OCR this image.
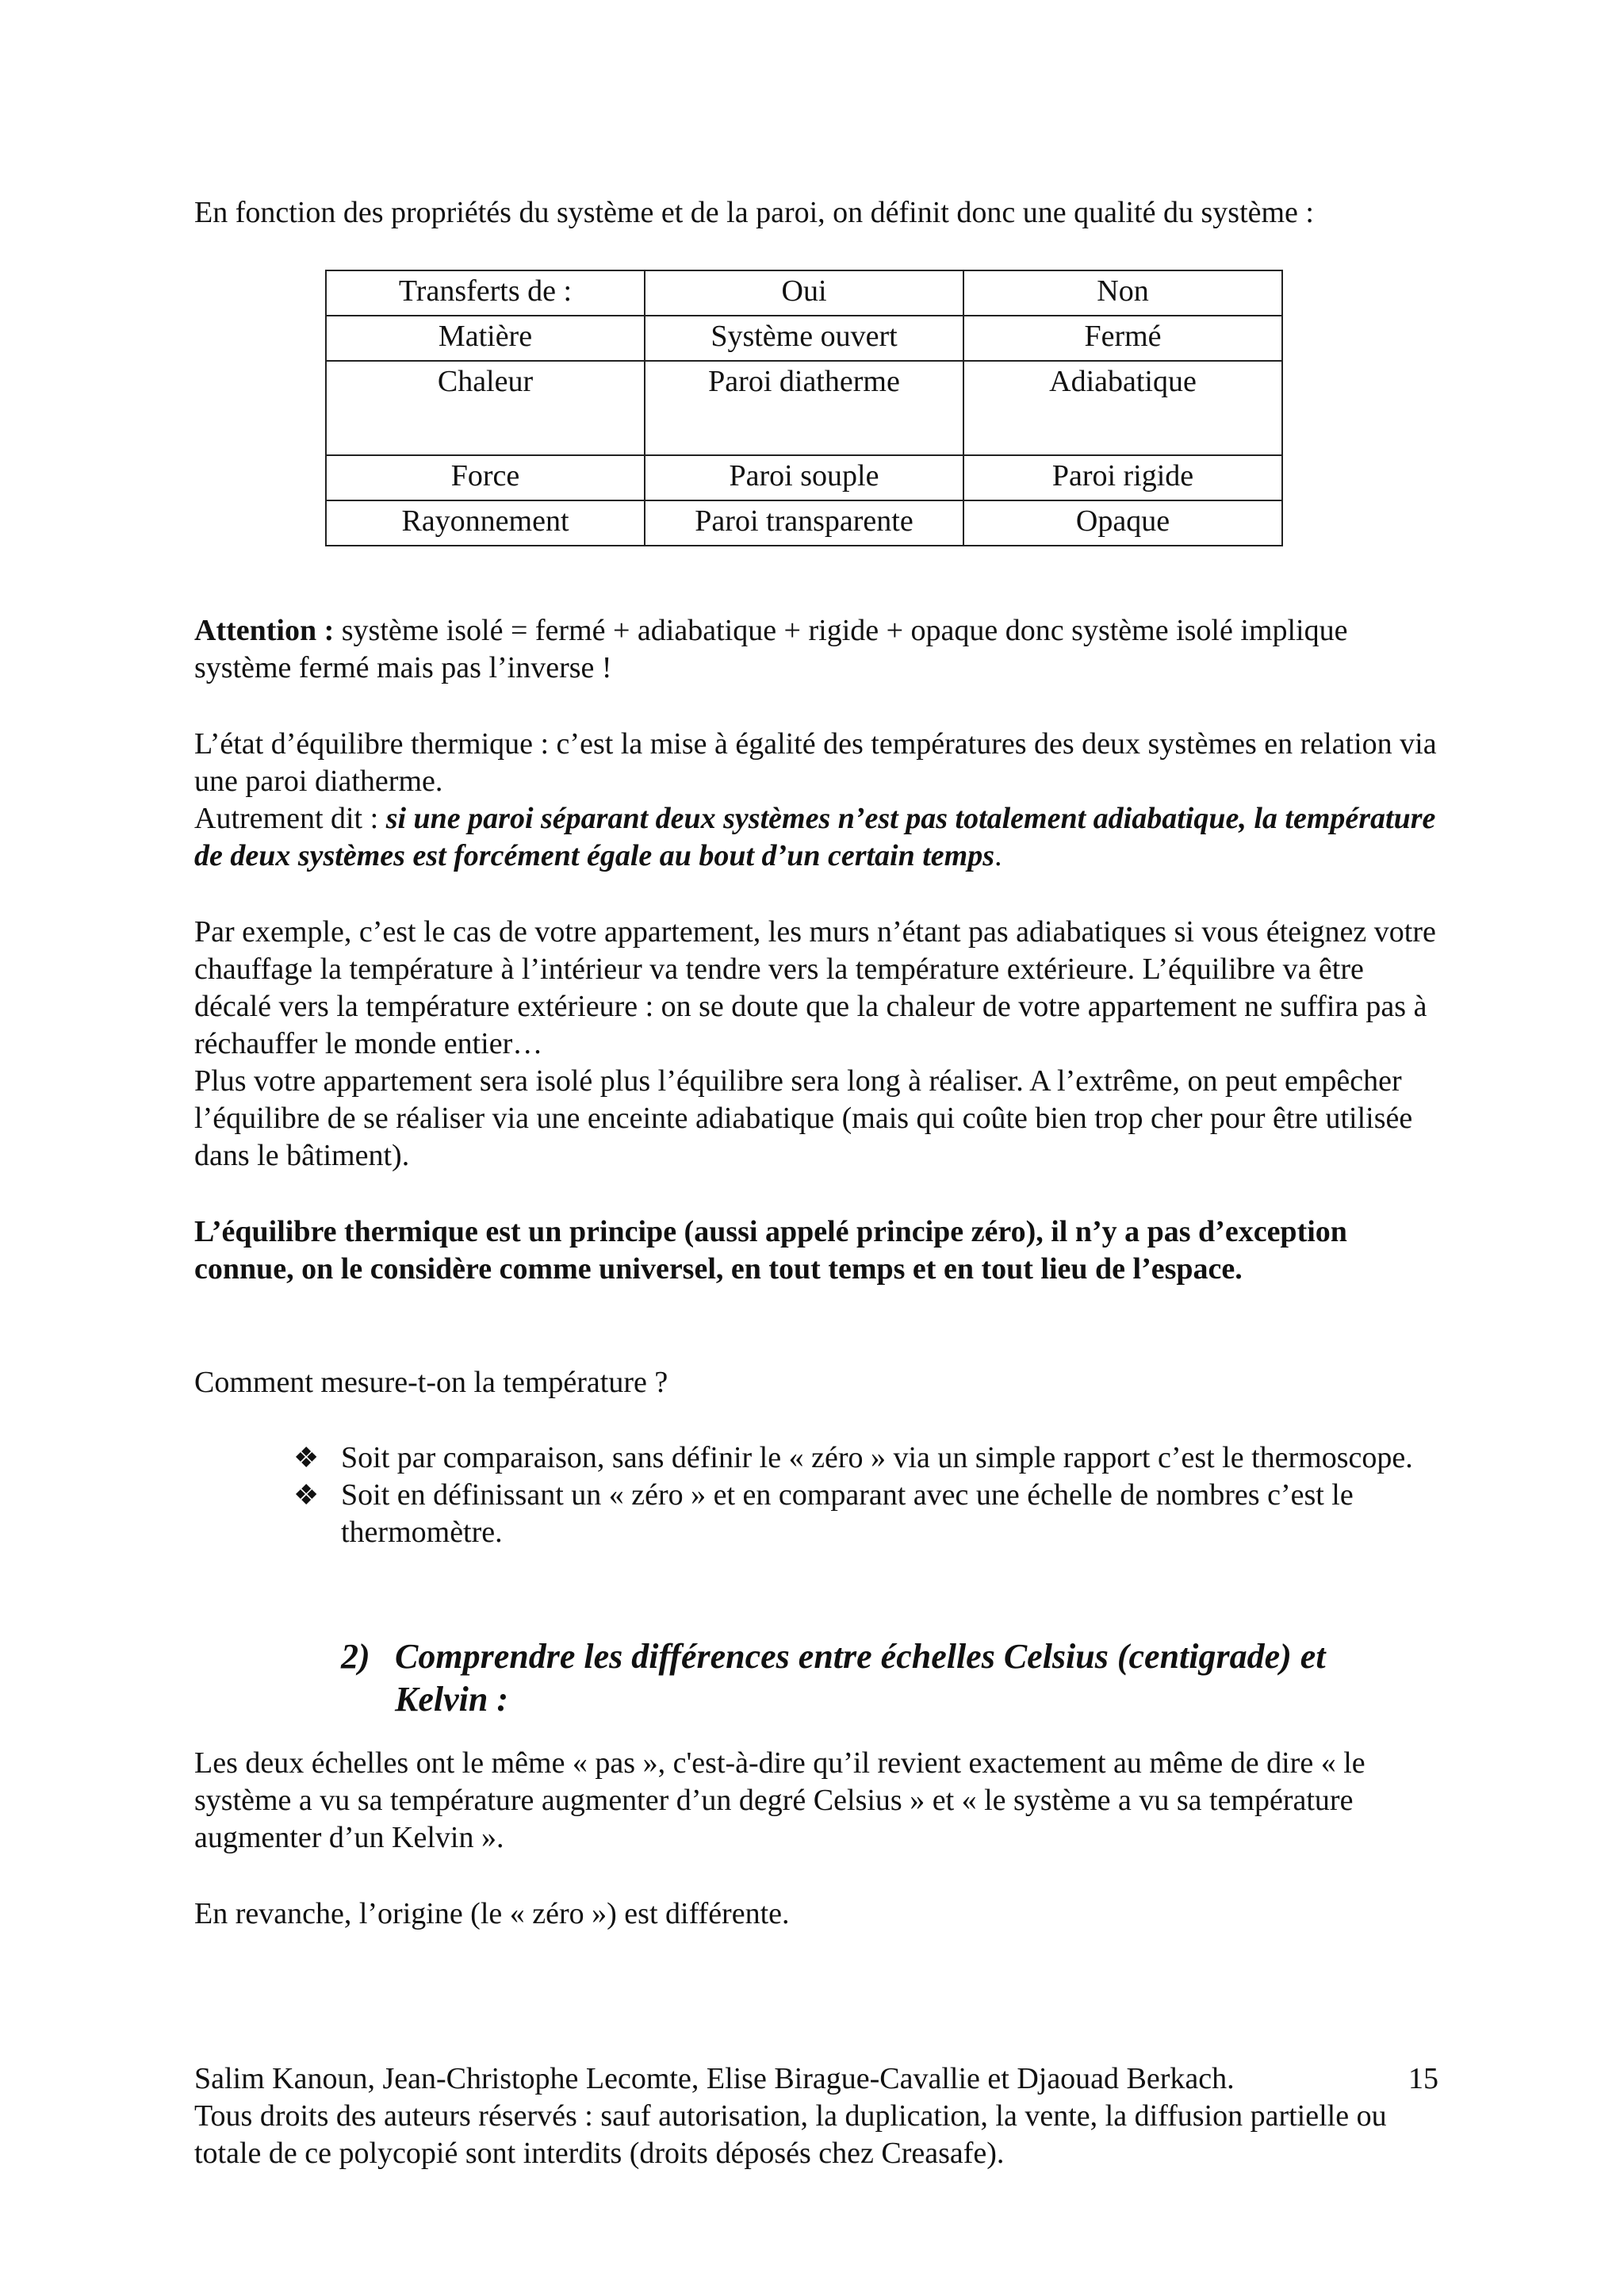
En fonction des propriétés du système et de la paroi, on définit donc une qualité du système :

Transferts de :	Oui	Non
Matière	Système ouvert	Fermé
Chaleur	Paroi diatherme	Adiabatique
Force	Paroi souple	Paroi rigide
Rayonnement	Paroi transparente	Opaque

Attention : système isolé = fermé + adiabatique + rigide + opaque donc système isolé implique système fermé mais pas l’inverse !

L’état d’équilibre thermique : c’est la mise à égalité des températures des deux systèmes en relation via une paroi diatherme.

Autrement dit : si une paroi séparant deux systèmes n’est pas totalement adiabatique, la température de deux systèmes est forcément égale au bout d’un certain temps.

Par exemple, c’est le cas de votre appartement, les murs n’étant pas adiabatiques si vous éteignez votre chauffage la température à l’intérieur va tendre vers la température extérieure. L’équilibre va être décalé vers la température extérieure : on se doute que la chaleur de votre appartement ne suffira pas à réchauffer le monde entier…

Plus votre appartement sera isolé plus l’équilibre sera long à réaliser. A l’extrême, on peut empêcher l’équilibre de se réaliser via une enceinte adiabatique (mais qui coûte bien trop cher pour être utilisée dans le bâtiment).

L’équilibre thermique est un principe (aussi appelé principe zéro), il n’y a pas d’exception connue, on le considère comme universel, en tout temps et en tout lieu de l’espace.

Comment mesure-t-on la température ?

❖ Soit par comparaison, sans définir le « zéro » via un simple rapport c’est le thermoscope.
❖ Soit en définissant un « zéro » et en comparant avec une échelle de nombres c’est le thermomètre.
2) Comprendre les différences entre échelles Celsius (centigrade) et
Kelvin :

Les deux échelles ont le même « pas », c'est-à-dire qu’il revient exactement au même de dire « le système a vu sa température augmenter d’un degré Celsius » et « le système a vu sa température augmenter d’un Kelvin ».

En revanche, l’origine (le « zéro ») est différente.

Salim Kanoun, Jean-Christophe Lecomte, Elise Birague-Cavallie et Djaouad Berkach.
Tous droits des auteurs réservés : sauf autorisation, la duplication, la vente, la diffusion partielle ou totale de ce polycopié sont interdits (droits déposés chez Creasafe).
15
